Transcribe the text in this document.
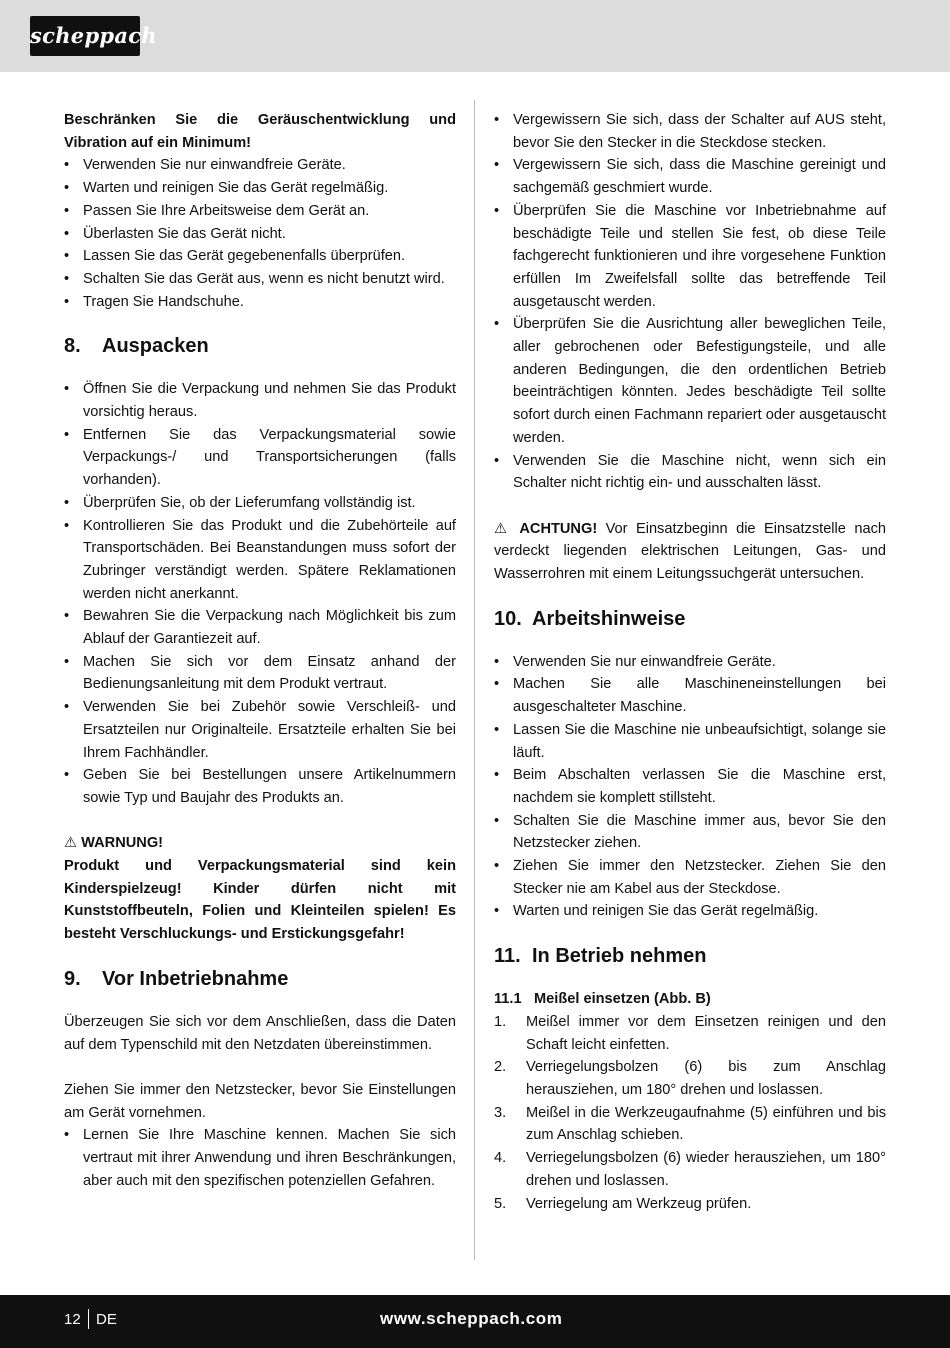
scheppach

Beschränken Sie die Geräuschentwicklung und Vibration auf ein Minimum!

• Verwenden Sie nur einwandfreie Geräte.
• Warten und reinigen Sie das Gerät regelmäßig.
• Passen Sie Ihre Arbeitsweise dem Gerät an.
• Überlasten Sie das Gerät nicht.
• Lassen Sie das Gerät gegebenenfalls überprüfen.
• Schalten Sie das Gerät aus, wenn es nicht benutzt wird.
• Tragen Sie Handschuhe.
8. Auspacken
• Öffnen Sie die Verpackung und nehmen Sie das Produkt vorsichtig heraus.
• Entfernen Sie das Verpackungsmaterial sowie Verpackungs-/ und Transportsicherungen (falls vorhanden).
• Überprüfen Sie, ob der Lieferumfang vollständig ist.
• Kontrollieren Sie das Produkt und die Zubehörteile auf Transportschäden. Bei Beanstandungen muss sofort der Zubringer verständigt werden. Spätere Reklamationen werden nicht anerkannt.
• Bewahren Sie die Verpackung nach Möglichkeit bis zum Ablauf der Garantiezeit auf.
• Machen Sie sich vor dem Einsatz anhand der Bedienungsanleitung mit dem Produkt vertraut.
• Verwenden Sie bei Zubehör sowie Verschleiß- und Ersatzteilen nur Originalteile. Ersatzteile erhalten Sie bei Ihrem Fachhändler.
• Geben Sie bei Bestellungen unsere Artikelnummern sowie Typ und Baujahr des Produkts an.

⚠ WARNUNG!

Produkt und Verpackungsmaterial sind kein Kinderspielzeug! Kinder dürfen nicht mit Kunststoffbeuteln, Folien und Kleinteilen spielen! Es besteht Verschluckungs- und Erstickungsgefahr!

9. Vor Inbetriebnahme

Überzeugen Sie sich vor dem Anschließen, dass die Daten auf dem Typenschild mit den Netzdaten übereinstimmen.

Ziehen Sie immer den Netzstecker, bevor Sie Einstellungen am Gerät vornehmen.

• Lernen Sie Ihre Maschine kennen. Machen Sie sich vertraut mit ihrer Anwendung und ihren Beschränkungen, aber auch mit den spezifischen potenziellen Gefahren.
• Vergewissern Sie sich, dass der Schalter auf AUS steht, bevor Sie den Stecker in die Steckdose stecken.
• Vergewissern Sie sich, dass die Maschine gereinigt und sachgemäß geschmiert wurde.
• Überprüfen Sie die Maschine vor Inbetriebnahme auf beschädigte Teile und stellen Sie fest, ob diese Teile fachgerecht funktionieren und ihre vorgesehene Funktion erfüllen Im Zweifelsfall sollte das betreffende Teil ausgetauscht werden.
• Überprüfen Sie die Ausrichtung aller beweglichen Teile, aller gebrochenen oder Befestigungsteile, und alle anderen Bedingungen, die den ordentlichen Betrieb beeinträchtigen könnten. Jedes beschädigte Teil sollte sofort durch einen Fachmann repariert oder ausgetauscht werden.
• Verwenden Sie die Maschine nicht, wenn sich ein Schalter nicht richtig ein- und ausschalten lässt.

⚠ ACHTUNG! Vor Einsatzbeginn die Einsatzstelle nach verdeckt liegenden elektrischen Leitungen, Gas- und Wasserrohren mit einem Leitungssuchgerät untersuchen.

10. Arbeitshinweise
• Verwenden Sie nur einwandfreie Geräte.
• Machen Sie alle Maschineneinstellungen bei ausgeschalteter Maschine.
• Lassen Sie die Maschine nie unbeaufsichtigt, solange sie läuft.
• Beim Abschalten verlassen Sie die Maschine erst, nachdem sie komplett stillsteht.
• Schalten Sie die Maschine immer aus, bevor Sie den Netzstecker ziehen.
• Ziehen Sie immer den Netzstecker. Ziehen Sie den Stecker nie am Kabel aus der Steckdose.
• Warten und reinigen Sie das Gerät regelmäßig.
11. In Betrieb nehmen
11.1 Meißel einsetzen (Abb. B)
1. Meißel immer vor dem Einsetzen reinigen und den Schaft leicht einfetten.
2. Verriegelungsbolzen (6) bis zum Anschlag herausziehen, um 180° drehen und loslassen.
3. Meißel in die Werkzeugaufnahme (5) einführen und bis zum Anschlag schieben.
4. Verriegelungsbolzen (6) wieder herausziehen, um 180° drehen und loslassen.
5. Verriegelung am Werkzeug prüfen.
12 DE	www.scheppach.com
